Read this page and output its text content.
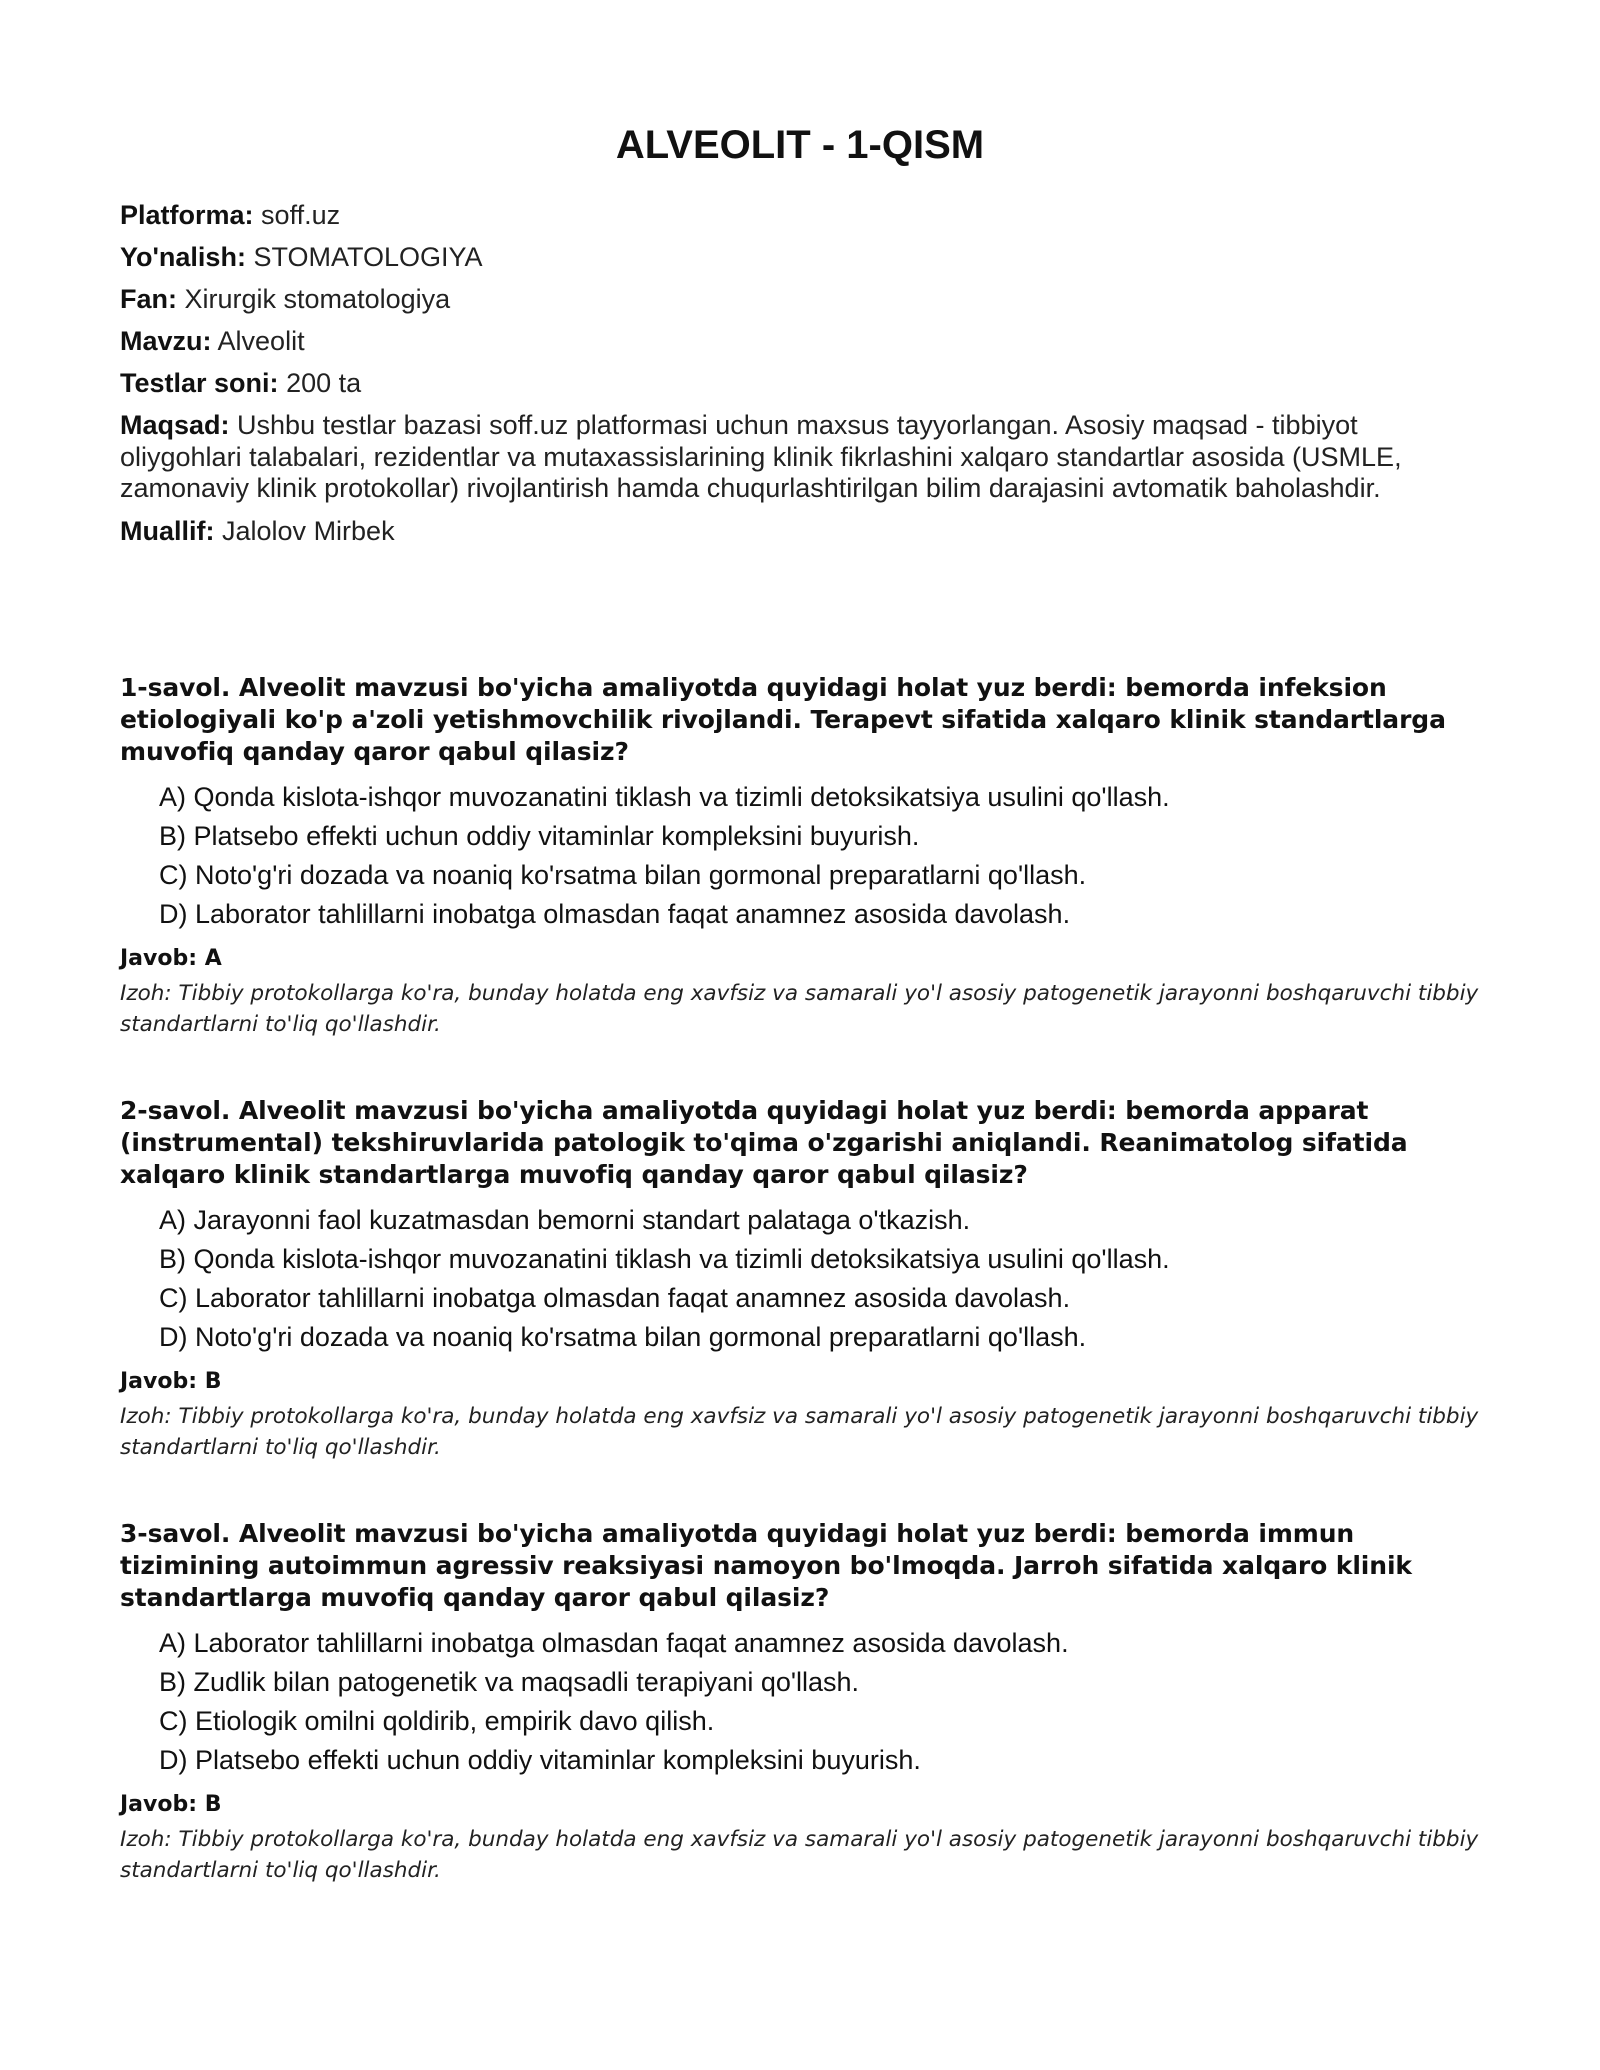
ALVEOLIT - 1-QISM
Platforma: soff.uz
Yo'nalish: STOMATOLOGIYA
Fan: Xirurgik stomatologiya
Mavzu: Alveolit
Testlar soni: 200 ta
Maqsad: Ushbu testlar bazasi soff.uz platformasi uchun maxsus tayyorlangan. Asosiy maqsad - tibbiyot oliygohlari talabalari, rezidentlar va mutaxassislarining klinik fikrlashini xalqaro standartlar asosida (USMLE, zamonaviy klinik protokollar) rivojlantirish hamda chuqurlashtirilgan bilim darajasini avtomatik baholashdir.
Muallif: Jalolov Mirbek
1-savol. Alveolit mavzusi bo'yicha amaliyotda quyidagi holat yuz berdi: bemorda infeksion etiologiyali ko'p a'zoli yetishmovchilik rivojlandi. Terapevt sifatida xalqaro klinik standartlarga muvofiq qanday qaror qabul qilasiz?
A) Qonda kislota-ishqor muvozanatini tiklash va tizimli detoksikatsiya usulini qo'llash.
B) Platsebo effekti uchun oddiy vitaminlar kompleksini buyurish.
C) Noto'g'ri dozada va noaniq ko'rsatma bilan gormonal preparatlarni qo'llash.
D) Laborator tahlillarni inobatga olmasdan faqat anamnez asosida davolash.
Javob: A
Izoh: Tibbiy protokollarga ko'ra, bunday holatda eng xavfsiz va samarali yo'l asosiy patogenetik jarayonni boshqaruvchi tibbiy standartlarni to'liq qo'llashdir.
2-savol. Alveolit mavzusi bo'yicha amaliyotda quyidagi holat yuz berdi: bemorda apparat (instrumental) tekshiruvlarida patologik to'qima o'zgarishi aniqlandi. Reanimatolog sifatida xalqaro klinik standartlarga muvofiq qanday qaror qabul qilasiz?
A) Jarayonni faol kuzatmasdan bemorni standart palataga o'tkazish.
B) Qonda kislota-ishqor muvozanatini tiklash va tizimli detoksikatsiya usulini qo'llash.
C) Laborator tahlillarni inobatga olmasdan faqat anamnez asosida davolash.
D) Noto'g'ri dozada va noaniq ko'rsatma bilan gormonal preparatlarni qo'llash.
Javob: B
Izoh: Tibbiy protokollarga ko'ra, bunday holatda eng xavfsiz va samarali yo'l asosiy patogenetik jarayonni boshqaruvchi tibbiy standartlarni to'liq qo'llashdir.
3-savol. Alveolit mavzusi bo'yicha amaliyotda quyidagi holat yuz berdi: bemorda immun tizimining autoimmun agressiv reaksiyasi namoyon bo'lmoqda. Jarroh sifatida xalqaro klinik standartlarga muvofiq qanday qaror qabul qilasiz?
A) Laborator tahlillarni inobatga olmasdan faqat anamnez asosida davolash.
B) Zudlik bilan patogenetik va maqsadli terapiyani qo'llash.
C) Etiologik omilni qoldirib, empirik davo qilish.
D) Platsebo effekti uchun oddiy vitaminlar kompleksini buyurish.
Javob: B
Izoh: Tibbiy protokollarga ko'ra, bunday holatda eng xavfsiz va samarali yo'l asosiy patogenetik jarayonni boshqaruvchi tibbiy standartlarni to'liq qo'llashdir.
